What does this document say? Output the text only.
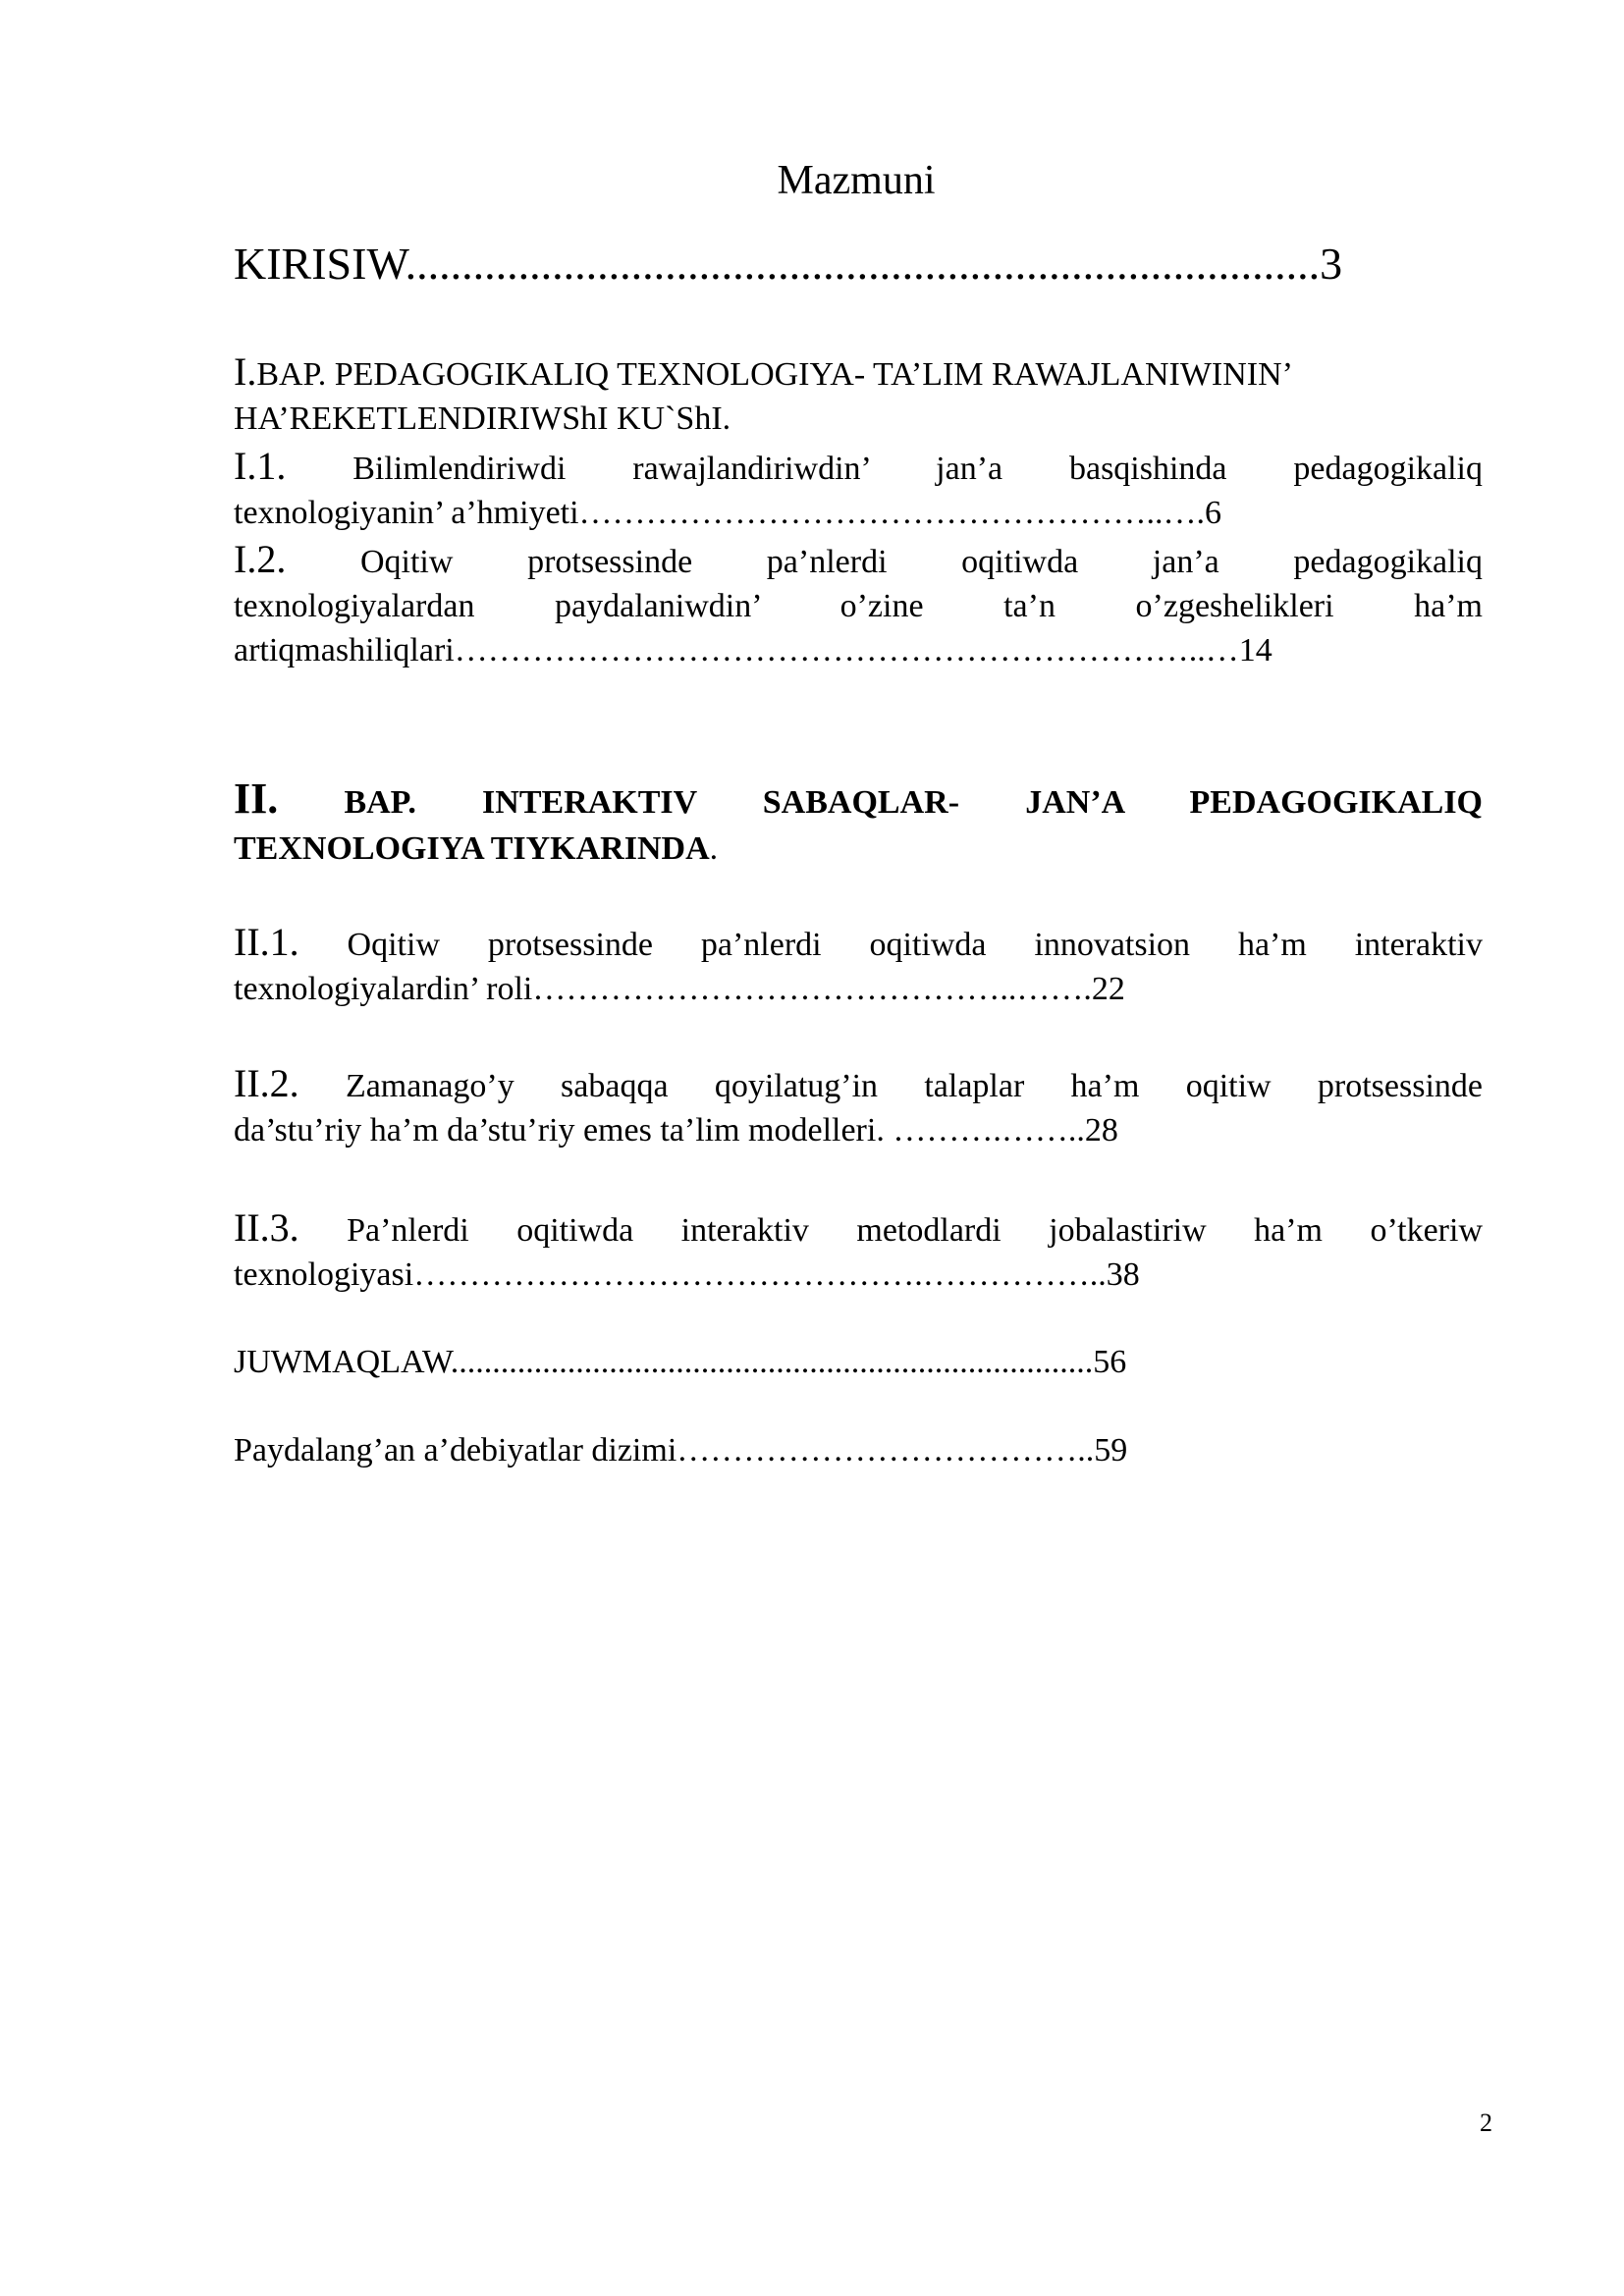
Mazmuni
KIRISIW.................................................................................3
I.BAP. PEDAGOGIKALIQ TEXNOLOGIYA- TA’LIM RAWAJLANIWININ’
HA’REKETLENDIRIWShI KU`ShI.
I.1. Bilimlendiriwdi rawajlandiriwdin’ jan’a basqishinda pedagogikaliq
texnologiyanin’ a’hmiyeti……………………………………………..….6
I.2. Oqitiw protsessinde pa’nlerdi oqitiwda jan’a pedagogikaliq
texnologiyalardan paydalaniwdin’ o’zine ta’n o’zgeshelikleri ha’m
artiqmashiliqlari…………………………………………………………..…14
II. BAP. INTERAKTIV SABAQLAR- JAN’A PEDAGOGIKALIQ
TEXNOLOGIYA TIYKARINDA.
II.1. Oqitiw protsessinde pa’nlerdi oqitiwda innovatsion ha’m interaktiv
texnologiyalardin’ roli……………………………………..…….22
II.2. Zamanago’y sabaqqa qoyilatug’in talaplar ha’m oqitiw protsessinde
da’stu’riy ha’m da’stu’riy emes ta’lim modelleri. ……….……..28
II.3. Pa’nlerdi oqitiwda interaktiv metodlardi jobalastiriw ha’m o’tkeriw
texnologiyasi……………………………………….……………..38
JUWMAQLAW.............................................................................56
Paydalang’an a’debiyatlar dizimi………………………………..59
2
